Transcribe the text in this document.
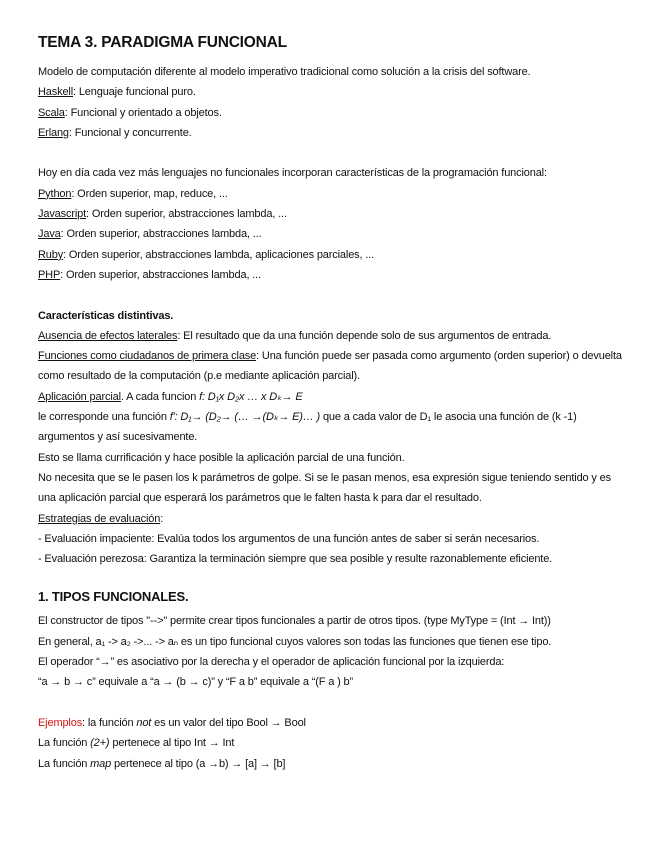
TEMA 3. PARADIGMA FUNCIONAL

Modelo de computación diferente al modelo imperativo tradicional como solución a la crisis del software.

Haskell: Lenguaje funcional puro.

Scala: Funcional y orientado a objetos.

Erlang: Funcional y concurrente.

Hoy en día cada vez más lenguajes no funcionales incorporan características de la programación funcional:

Python: Orden superior, map, reduce, ...

Javascript: Orden superior, abstracciones lambda, ...

Java: Orden superior, abstracciones lambda, ...

Ruby: Orden superior, abstracciones lambda, aplicaciones parciales, ...

PHP: Orden superior, abstracciones lambda, ...

Características distintivas.

Ausencia de efectos laterales: El resultado que da una función depende solo de sus argumentos de entrada.

Funciones como ciudadanos de primera clase: Una función puede ser pasada como argumento (orden superior) o devuelta como resultado de la computación (p.e mediante aplicación parcial).

Aplicación parcial. A cada funcion f: D₁x D₂x … x Dₖ→ E

le corresponde una función f': D₁→ (D₂→ (… →(Dₖ→ E)… ) que a cada valor de D₁ le asocia una función de (k -1) argumentos y así sucesivamente.

Esto se llama currificación y hace posible la aplicación parcial de una función.

No necesita que se le pasen los k parámetros de golpe. Si se le pasan menos, esa expresión sigue teniendo sentido y es una aplicación parcial que esperará los parámetros que le falten hasta k para dar el resultado.

Estrategias de evaluación:

- Evaluación impaciente: Evalúa todos los argumentos de una función antes de saber si serán necesarios.

- Evaluación perezosa: Garantiza la terminación siempre que sea posible y resulte razonablemente eficiente.

1. TIPOS FUNCIONALES.

El constructor de tipos "-->" permite crear tipos funcionales a partir de otros tipos. (type MyType = (Int → Int))

En general, a₁ -> a₂ ->... -> aₙ es un tipo funcional cuyos valores son todas las funciones que tienen ese tipo.

El operador “→” es asociativo por la derecha y el operador de aplicación funcional por la izquierda:

“a → b → c” equivale a “a → (b → c)” y “F a b” equivale a “(F a ) b”

Ejemplos: la función not es un valor del tipo Bool → Bool

La función (2+) pertenece al tipo Int → Int

La función map pertenece al tipo (a →b) → [a] → [b]
